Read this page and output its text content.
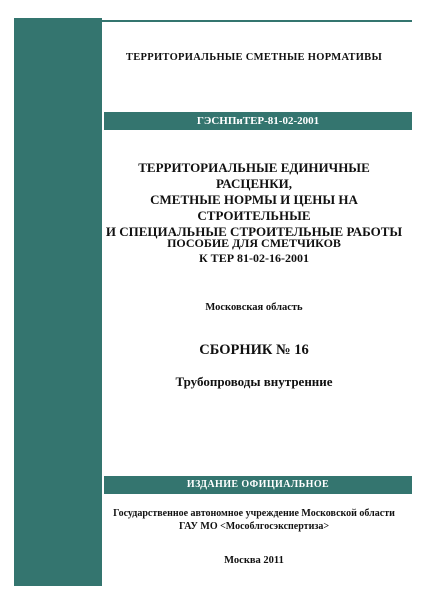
ТЕРРИТОРИАЛЬНЫЕ СМЕТНЫЕ НОРМАТИВЫ
ГЭСНПиТЕР-81-02-2001
ТЕРРИТОРИАЛЬНЫЕ ЕДИНИЧНЫЕ РАСЦЕНКИ,
СМЕТНЫЕ НОРМЫ И ЦЕНЫ НА СТРОИТЕЛЬНЫЕ
И СПЕЦИАЛЬНЫЕ СТРОИТЕЛЬНЫЕ РАБОТЫ
ПОСОБИЕ ДЛЯ СМЕТЧИКОВ
К ТЕР 81-02-16-2001
Московская область
СБОРНИК № 16
Трубопроводы внутренние
ИЗДАНИЕ ОФИЦИАЛЬНОЕ
Государственное автономное учреждение Московской области
ГАУ МО <Мособлгосэкспертиза>
Москва 2011
